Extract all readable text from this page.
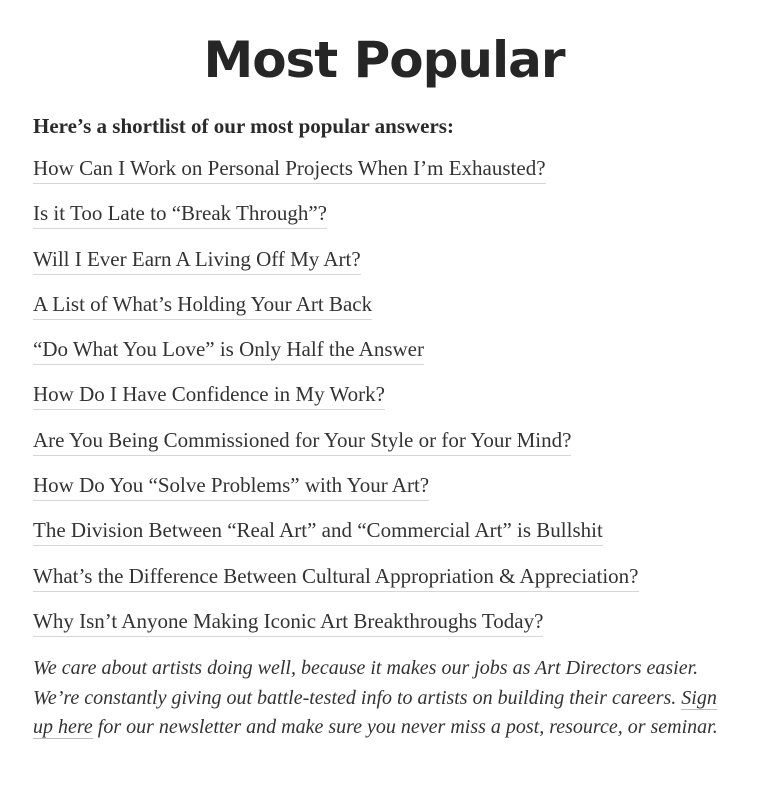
Most Popular

Here’s a shortlist of our most popular answers:

How Can I Work on Personal Projects When I’m Exhausted?
Is it Too Late to “Break Through”?
Will I Ever Earn A Living Off My Art?
A List of What’s Holding Your Art Back
“Do What You Love” is Only Half the Answer
How Do I Have Confidence in My Work?
Are You Being Commissioned for Your Style or for Your Mind?
How Do You “Solve Problems” with Your Art?
The Division Between “Real Art” and “Commercial Art” is Bullshit
What’s the Difference Between Cultural Appropriation & Appreciation?
Why Isn’t Anyone Making Iconic Art Breakthroughs Today?

We care about artists doing well, because it makes our jobs as Art Directors easier. We’re constantly giving out battle-tested info to artists on building their careers. Sign up here for our newsletter and make sure you never miss a post, resource, or seminar.
